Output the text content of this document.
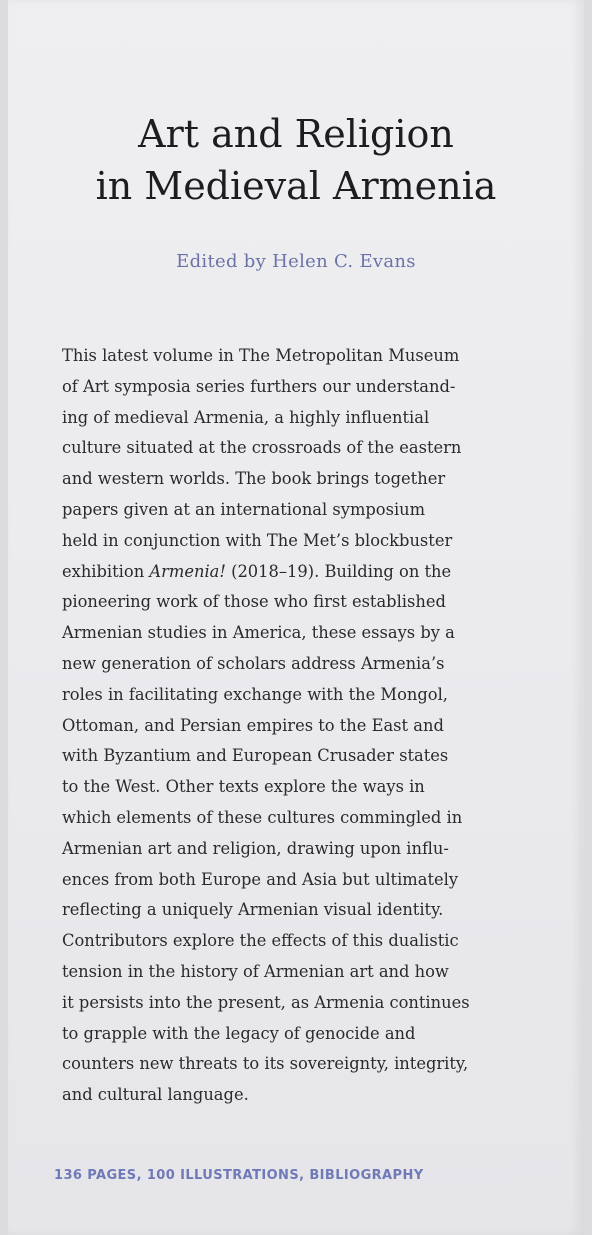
Art and Religion
in Medieval Armenia
Edited by Helen C. Evans

This latest volume in The Metropolitan Museum
of Art symposia series furthers our understand-
ing of medieval Armenia, a highly influential
culture situated at the crossroads of the eastern
and western worlds. The book brings together
papers given at an international symposium
held in conjunction with The Met’s blockbuster
exhibition Armenia! (2018–19). Building on the
pioneering work of those who first established
Armenian studies in America, these essays by a
new generation of scholars address Armenia’s
roles in facilitating exchange with the Mongol,
Ottoman, and Persian empires to the East and
with Byzantium and European Crusader states
to the West. Other texts explore the ways in
which elements of these cultures commingled in
Armenian art and religion, drawing upon influ-
ences from both Europe and Asia but ultimately
reflecting a uniquely Armenian visual identity.
Contributors explore the effects of this dualistic
tension in the history of Armenian art and how
it persists into the present, as Armenia continues
to grapple with the legacy of genocide and
counters new threats to its sovereignty, integrity,
and cultural language.

136 PAGES, 100 ILLUSTRATIONS, BIBLIOGRAPHY
